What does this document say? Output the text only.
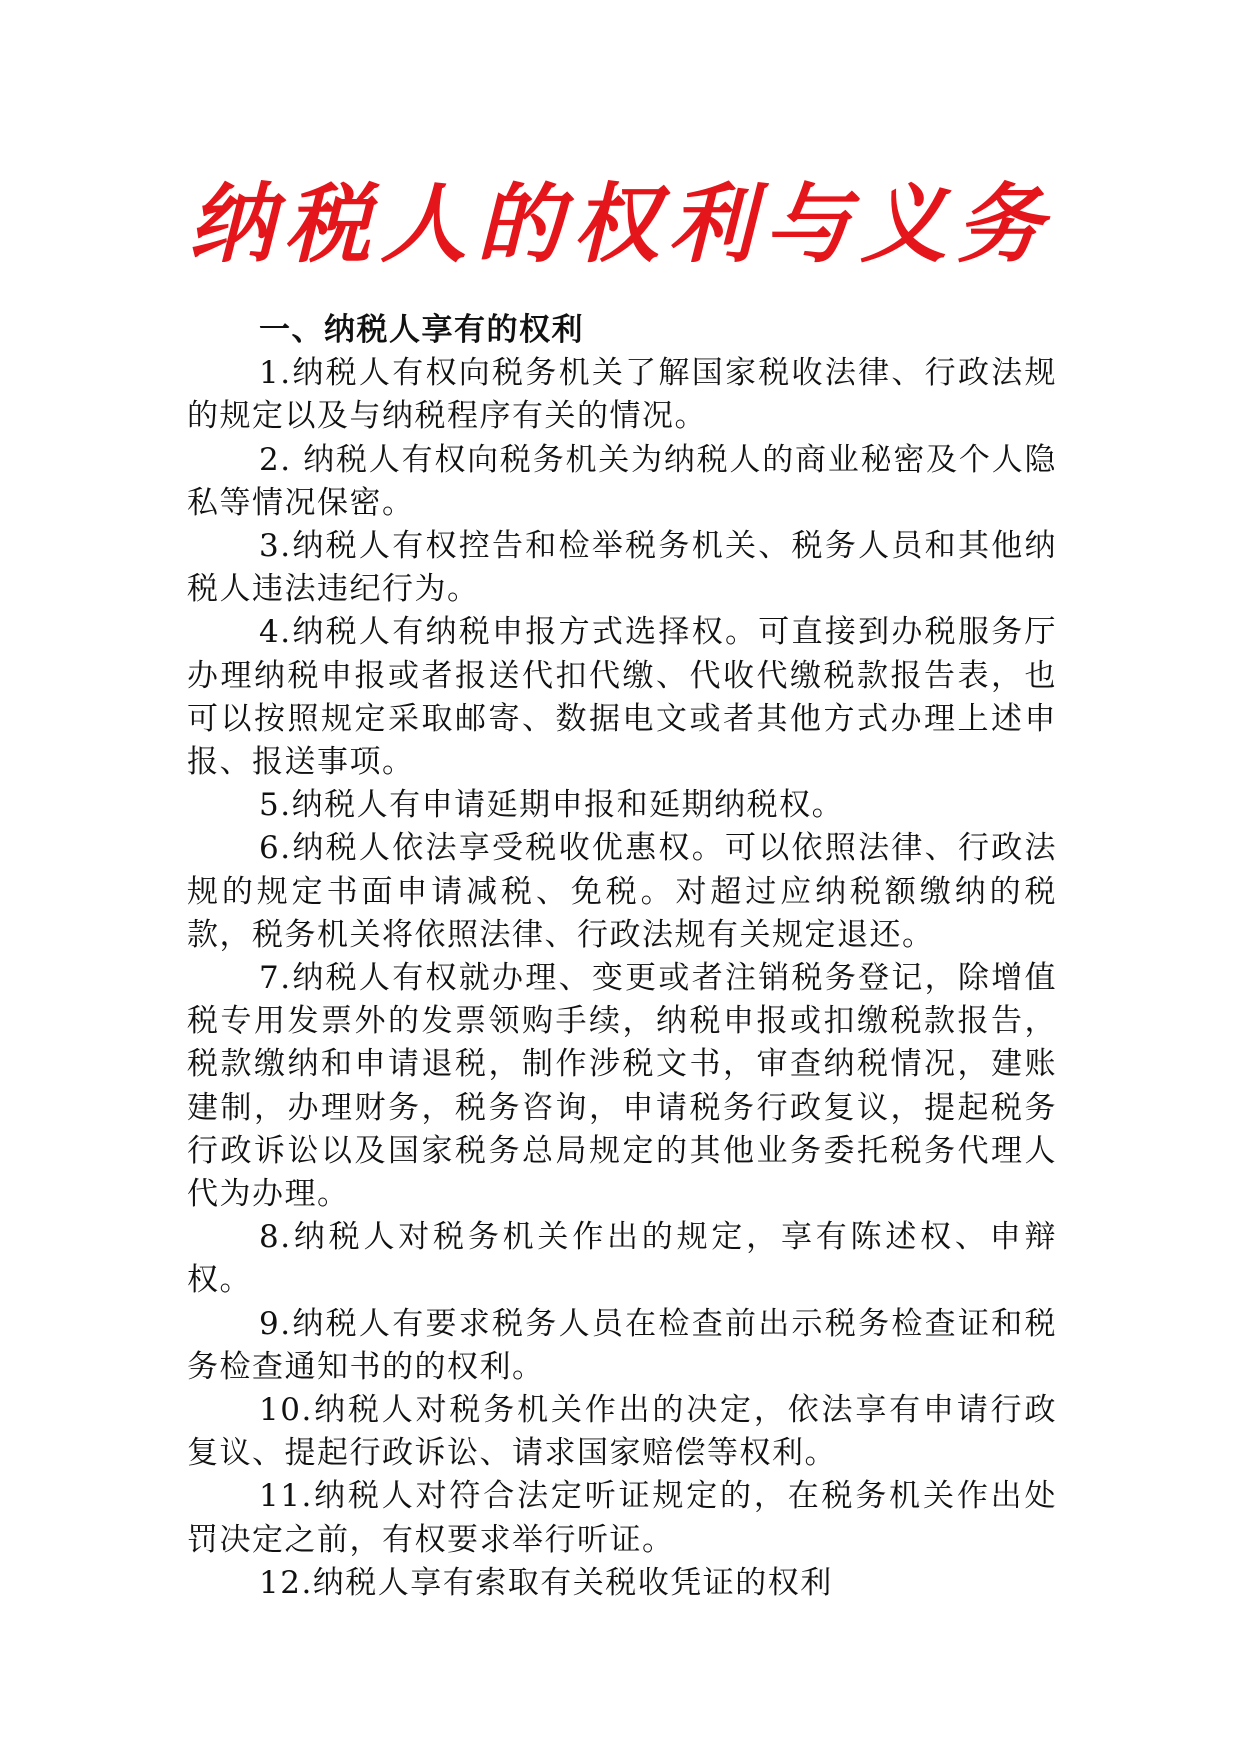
纳税人的权利与义务

一、纳税人享有的权利

1.纳税人有权向税务机关了解国家税收法律、行政法规的规定以及与纳税程序有关的情况。

2. 纳税人有权向税务机关为纳税人的商业秘密及个人隐私等情况保密。

3.纳税人有权控告和检举税务机关、税务人员和其他纳税人违法违纪行为。

4.纳税人有纳税申报方式选择权。可直接到办税服务厅办理纳税申报或者报送代扣代缴、代收代缴税款报告表，也可以按照规定采取邮寄、数据电文或者其他方式办理上述申报、报送事项。

5.纳税人有申请延期申报和延期纳税权。

6.纳税人依法享受税收优惠权。可以依照法律、行政法规的规定书面申请减税、免税。对超过应纳税额缴纳的税款，税务机关将依照法律、行政法规有关规定退还。

7.纳税人有权就办理、变更或者注销税务登记，除增值税专用发票外的发票领购手续，纳税申报或扣缴税款报告，税款缴纳和申请退税，制作涉税文书，审查纳税情况，建账建制，办理财务，税务咨询，申请税务行政复议，提起税务行政诉讼以及国家税务总局规定的其他业务委托税务代理人代为办理。

8.纳税人对税务机关作出的规定，享有陈述权、申辩权。

9.纳税人有要求税务人员在检查前出示税务检查证和税务检查通知书的的权利。

10.纳税人对税务机关作出的决定，依法享有申请行政复议、提起行政诉讼、请求国家赔偿等权利。

11.纳税人对符合法定听证规定的，在税务机关作出处罚决定之前，有权要求举行听证。

12.纳税人享有索取有关税收凭证的权利
